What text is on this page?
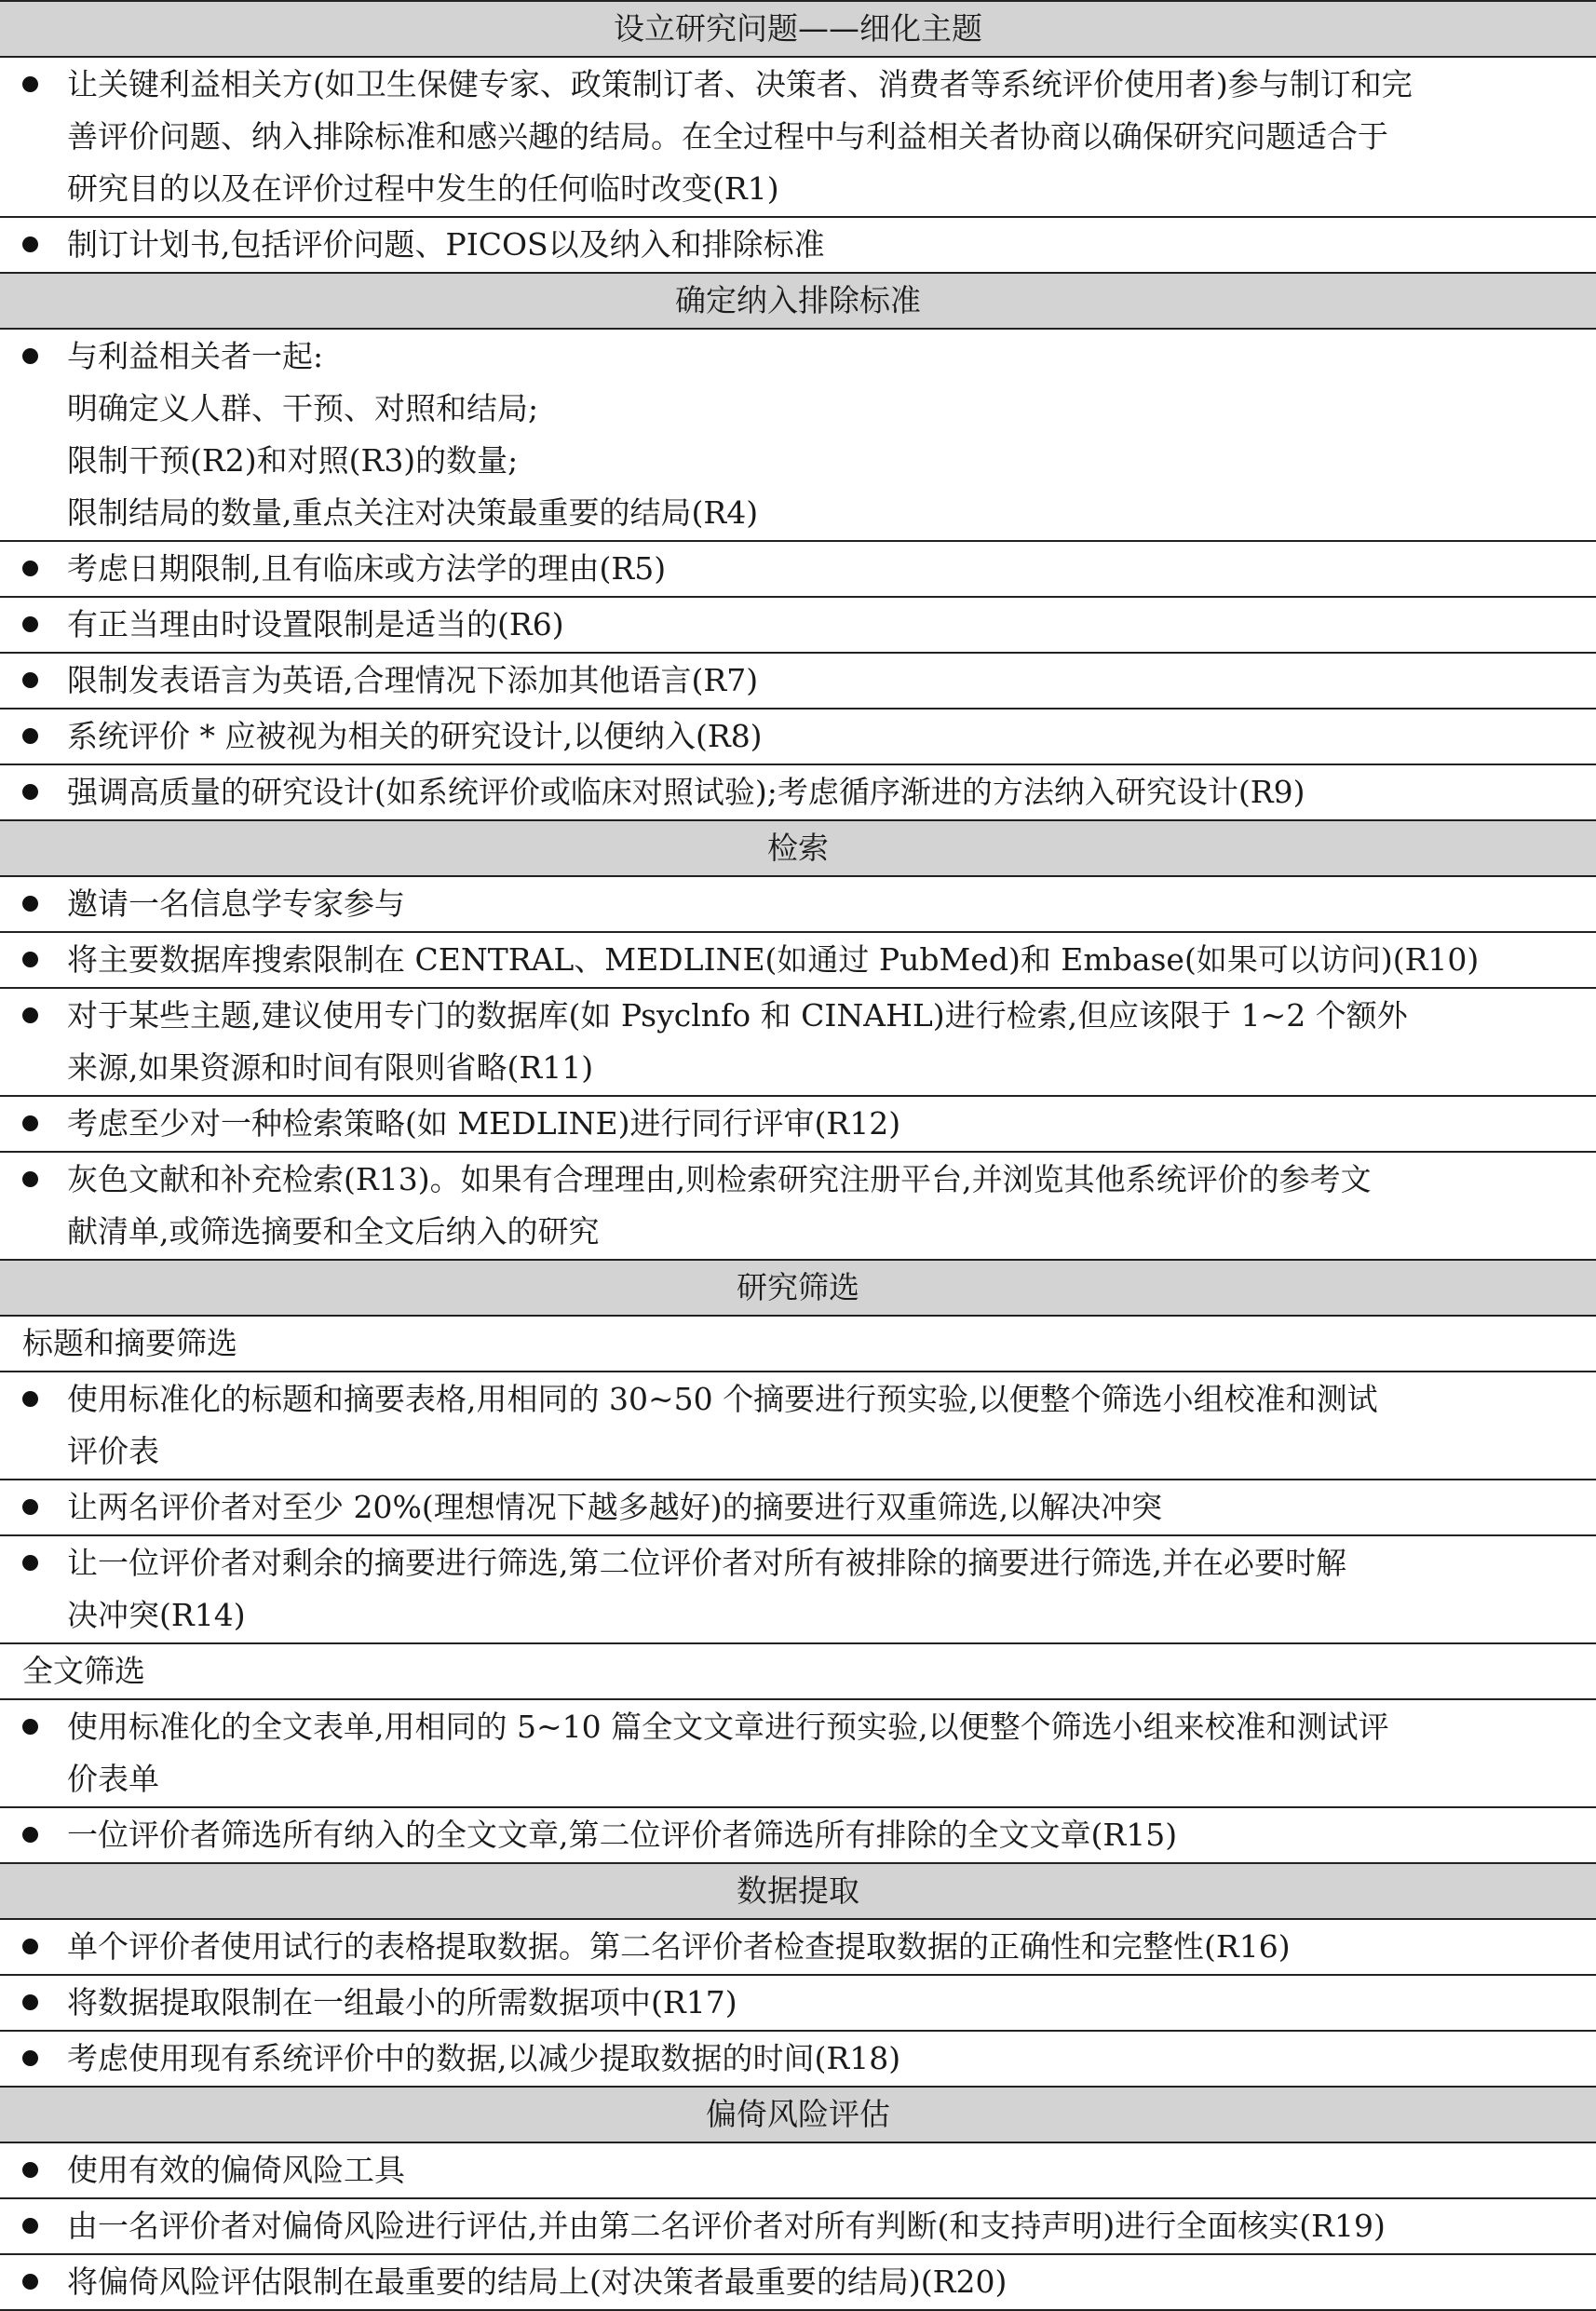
设立研究问题——细化主题
让关键利益相关方(如卫生保健专家、政策制订者、决策者、消费者等系统评价使用者)参与制订和完
善评价问题、纳入排除标准和感兴趣的结局。在全过程中与利益相关者协商以确保研究问题适合于
研究目的以及在评价过程中发生的任何临时改变(R1)
制订计划书,包括评价问题、PICOS以及纳入和排除标准
确定纳入排除标准
与利益相关者一起:
明确定义人群、干预、对照和结局;
限制干预(R2)和对照(R3)的数量;
限制结局的数量,重点关注对决策最重要的结局(R4)
考虑日期限制,且有临床或方法学的理由(R5)
有正当理由时设置限制是适当的(R6)
限制发表语言为英语,合理情况下添加其他语言(R7)
系统评价 * 应被视为相关的研究设计,以便纳入(R8)
强调高质量的研究设计(如系统评价或临床对照试验);考虑循序渐进的方法纳入研究设计(R9)
检索
邀请一名信息学专家参与
将主要数据库搜索限制在 CENTRAL、MEDLINE(如通过 PubMed)和 Embase(如果可以访问)(R10)
对于某些主题,建议使用专门的数据库(如 Psyclnfo 和 CINAHL)进行检索,但应该限于 1~2 个额外
来源,如果资源和时间有限则省略(R11)
考虑至少对一种检索策略(如 MEDLINE)进行同行评审(R12)
灰色文献和补充检索(R13)。如果有合理理由,则检索研究注册平台,并浏览其他系统评价的参考文
献清单,或筛选摘要和全文后纳入的研究
研究筛选
标题和摘要筛选
使用标准化的标题和摘要表格,用相同的 30~50 个摘要进行预实验,以便整个筛选小组校准和测试
评价表
让两名评价者对至少 20%(理想情况下越多越好)的摘要进行双重筛选,以解决冲突
让一位评价者对剩余的摘要进行筛选,第二位评价者对所有被排除的摘要进行筛选,并在必要时解
决冲突(R14)
全文筛选
使用标准化的全文表单,用相同的 5~10 篇全文文章进行预实验,以便整个筛选小组来校准和测试评
价表单
一位评价者筛选所有纳入的全文文章,第二位评价者筛选所有排除的全文文章(R15)
数据提取
单个评价者使用试行的表格提取数据。第二名评价者检查提取数据的正确性和完整性(R16)
将数据提取限制在一组最小的所需数据项中(R17)
考虑使用现有系统评价中的数据,以减少提取数据的时间(R18)
偏倚风险评估
使用有效的偏倚风险工具
由一名评价者对偏倚风险进行评估,并由第二名评价者对所有判断(和支持声明)进行全面核实(R19)
将偏倚风险评估限制在最重要的结局上(对决策者最重要的结局)(R20)
